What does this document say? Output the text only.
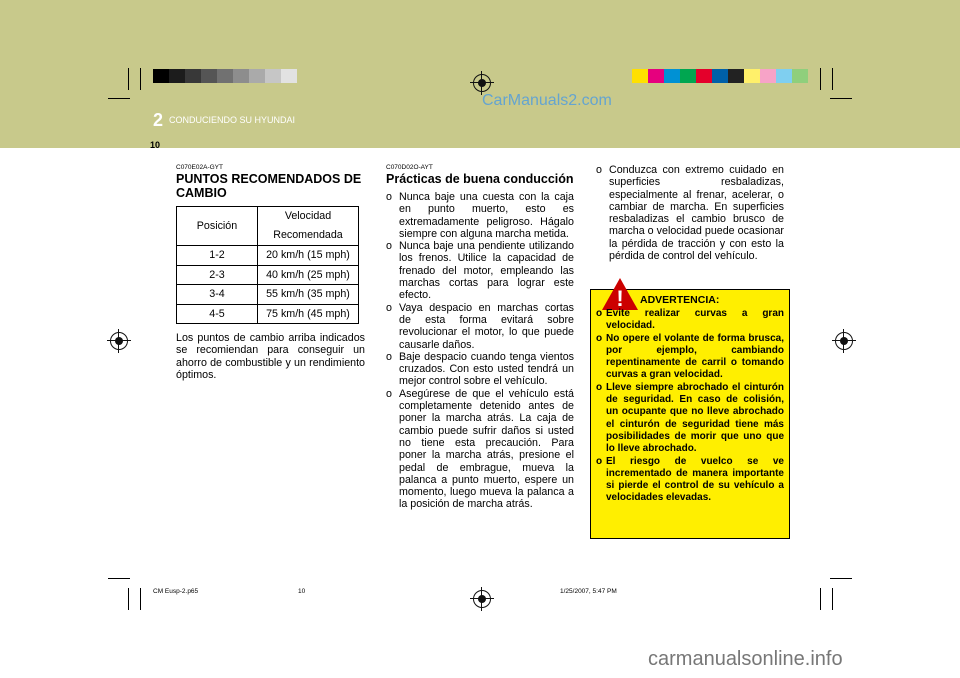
2 CONDUCIENDO SU HYUNDAI
10
CarManuals2.com
C070E02A-GYT
PUNTOS RECOMENDADOS DE CAMBIO
Posición	Velocidad
Recomendada

1-2	20 km/h (15 mph)
2-3	40 km/h (25 mph)
3-4	55 km/h (35 mph)
4-5	75 km/h (45 mph)
Los puntos de cambio arriba indicados se recomiendan para conseguir un ahorro de combustible y un rendimiento óptimos.
C070D02O-AYT
Prácticas de buena conducción
o Nunca baje una cuesta con la caja en punto muerto, esto es extremadamente peligroso. Hágalo siempre con alguna marcha metida.
o Nunca baje una pendiente utilizando los frenos. Utilice la capacidad de frenado del motor, empleando las marchas cortas para lograr este efecto.
o Vaya despacio en marchas cortas de esta forma evitará sobre revolucionar el motor, lo que puede causarle daños.
o Baje despacio cuando tenga vientos cruzados. Con esto usted tendrá un mejor control sobre el vehículo.
o Asegúrese de que el vehículo está completamente detenido antes de poner la marcha atrás. La caja de cambio puede sufrir daños si usted no tiene esta precaución. Para poner la marcha atrás, presione el pedal de embrague, mueva la palanca a punto muerto, espere un momento, luego mueva la palanca a la posición de marcha atrás.
o Conduzca con extremo cuidado en superficies resbaladizas, especialmente al frenar, acelerar, o cambiar de marcha. En superficies resbaladizas el cambio brusco de marcha o velocidad puede ocasionar la pérdida de tracción y con esto la pérdida de control del vehículo.
! ADVERTENCIA:
o Evite realizar curvas a gran velocidad.
o No opere el volante de forma brusca, por ejemplo, cambiando repentinamente de carril o tomando curvas a gran velocidad.
o Lleve siempre abrochado el cinturón de seguridad. En caso de colisión, un ocupante que no lleve abrochado el cinturón de seguridad tiene más posibilidades de morir que uno que lo lleve abrochado.
o El riesgo de vuelco se ve incrementado de manera importante si pierde el control de su vehículo a velocidades elevadas.
CM Eusp-2.p65	10	1/25/2007, 5:47 PM
carmanualsonline.info
